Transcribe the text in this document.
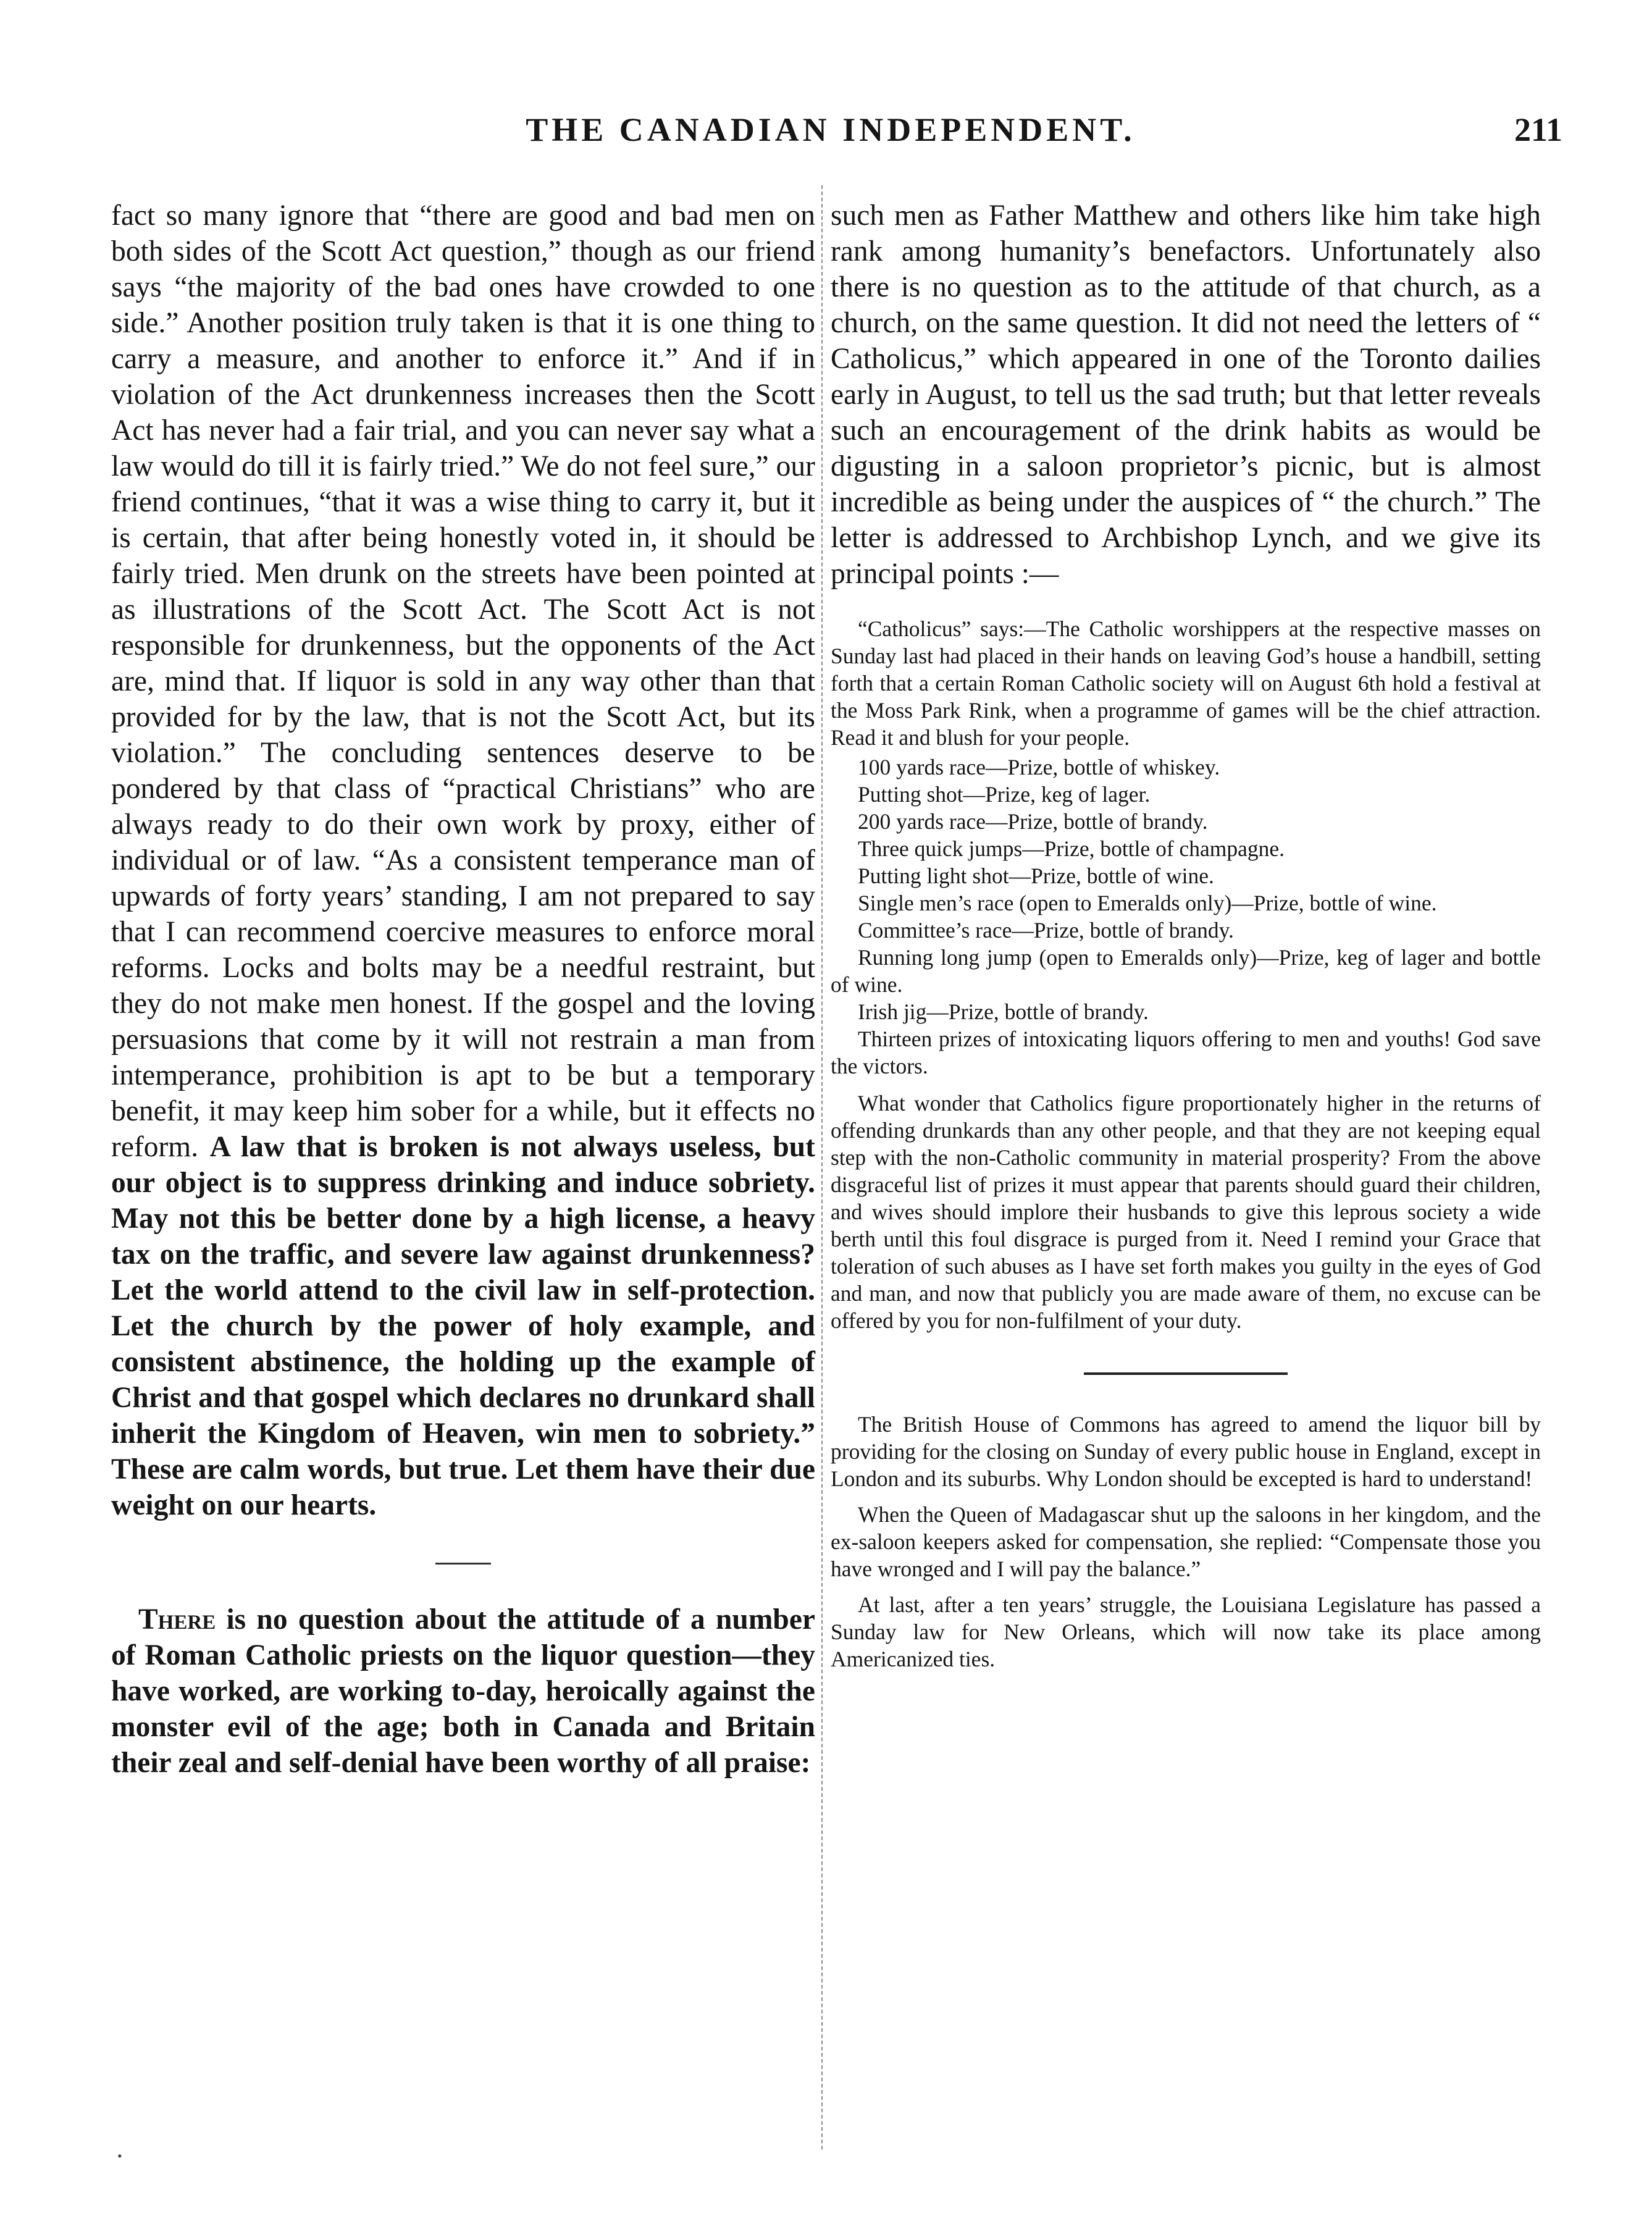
THE CANADIAN INDEPENDENT.	211

fact so many ignore that “there are good and bad men on both sides of the Scott Act question,” though as our friend says “the majority of the bad ones have crowded to one side.” Another position truly taken is that it is one thing to carry a measure, and another to enforce it.” And if in violation of the Act drunkenness increases then the Scott Act has never had a fair trial, and you can never say what a law would do till it is fairly tried.” We do not feel sure,” our friend continues, “that it was a wise thing to carry it, but it is certain, that after being honestly voted in, it should be fairly tried. Men drunk on the streets have been pointed at as illustrations of the Scott Act. The Scott Act is not responsible for drunkenness, but the opponents of the Act are, mind that. If liquor is sold in any way other than that provided for by the law, that is not the Scott Act, but its violation.” The concluding sentences deserve to be pondered by that class of “practical Christians” who are always ready to do their own work by proxy, either of individual or of law. “As a consistent temperance man of upwards of forty years’ standing, I am not prepared to say that I can recommend coercive measures to enforce moral reforms. Locks and bolts may be a needful restraint, but they do not make men honest. If the gospel and the loving persuasions that come by it will not restrain a man from intemperance, prohibition is apt to be but a temporary benefit, it may keep him sober for a while, but it effects no reform. A law that is broken is not always useless, but our object is to suppress drinking and induce sobriety. May not this be better done by a high license, a heavy tax on the traffic, and severe law against drunkenness? Let the world attend to the civil law in self-protection. Let the church by the power of holy example, and consistent abstinence, the holding up the example of Christ and that gospel which declares no drunkard shall inherit the Kingdom of Heaven, win men to sobriety.” These are calm words, but true. Let them have their due weight on our hearts.

There is no question about the attitude of a number of Roman Catholic priests on the liquor question—they have worked, are working to-day, heroically against the monster evil of the age; both in Canada and Britain their zeal and self-denial have been worthy of all praise:

such men as Father Matthew and others like him take high rank among humanity’s benefactors. Unfortunately also there is no question as to the attitude of that church, as a church, on the same question. It did not need the letters of “ Catholicus,” which appeared in one of the Toronto dailies early in August, to tell us the sad truth; but that letter reveals such an encouragement of the drink habits as would be digusting in a saloon proprietor’s picnic, but is almost incredible as being under the auspices of “ the church.” The letter is addressed to Archbishop Lynch, and we give its principal points :—

“Catholicus” says:—The Catholic worshippers at the respective masses on Sunday last had placed in their hands on leaving God’s house a handbill, setting forth that a certain Roman Catholic society will on August 6th hold a festival at the Moss Park Rink, when a programme of games will be the chief attraction. Read it and blush for your people.

100 yards race—Prize, bottle of whiskey.
Putting shot—Prize, keg of lager.
200 yards race—Prize, bottle of brandy.
Three quick jumps—Prize, bottle of champagne.
Putting light shot—Prize, bottle of wine.
Single men’s race (open to Emeralds only)—Prize, bottle of wine.
Committee’s race—Prize, bottle of brandy.
Running long jump (open to Emeralds only)—Prize, keg of lager and bottle of wine.
Irish jig—Prize, bottle of brandy.
Thirteen prizes of intoxicating liquors offering to men and youths! God save the victors.

What wonder that Catholics figure proportionately higher in the returns of offending drunkards than any other people, and that they are not keeping equal step with the non-Catholic community in material prosperity? From the above disgraceful list of prizes it must appear that parents should guard their children, and wives should implore their husbands to give this leprous society a wide berth until this foul disgrace is purged from it. Need I remind your Grace that toleration of such abuses as I have set forth makes you guilty in the eyes of God and man, and now that publicly you are made aware of them, no excuse can be offered by you for non-fulfilment of your duty.

The British House of Commons has agreed to amend the liquor bill by providing for the closing on Sunday of every public house in England, except in London and its suburbs. Why London should be excepted is hard to understand!

When the Queen of Madagascar shut up the saloons in her kingdom, and the ex-saloon keepers asked for compensation, she replied: “Compensate those you have wronged and I will pay the balance.”

At last, after a ten years’ struggle, the Louisiana Legislature has passed a Sunday law for New Orleans, which will now take its place among Americanized ties.

•
